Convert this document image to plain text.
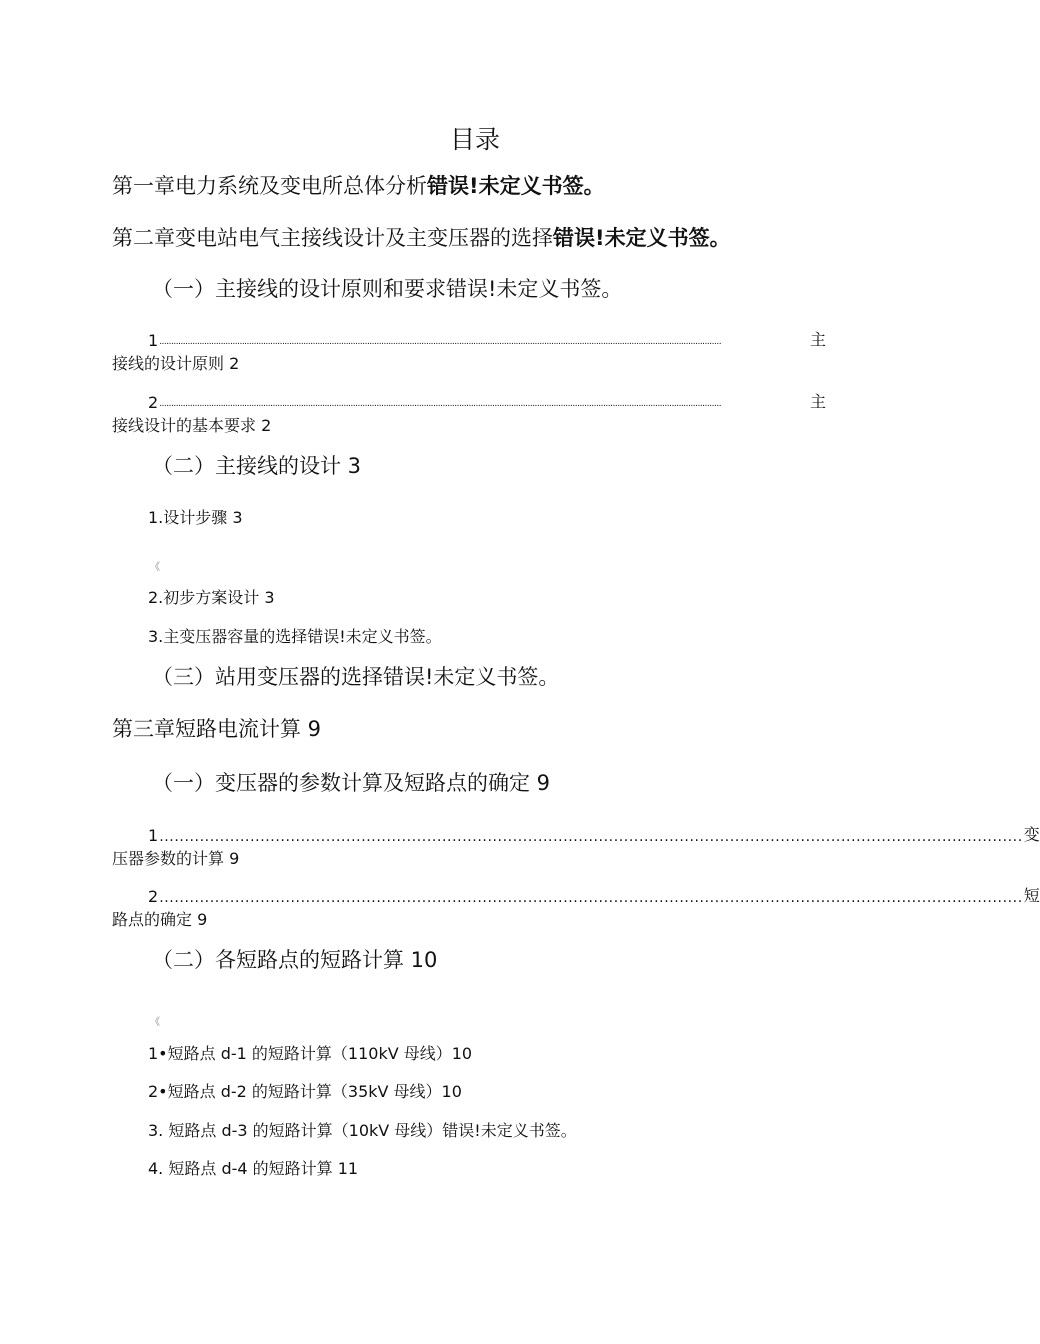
目录
第一章电力系统及变电所总体分析错误!未定义书签。
第二章变电站电气主接线设计及主变压器的选择错误!未定义书签。
（一）主接线的设计原则和要求错误!未定义书签。
1 ..............................................................................................................................................................................................................................................	主
接线的设计原则 2
2 ..............................................................................................................................................................................................................................................	主
接线设计的基本要求 2
（二）主接线的设计 3
1.设计步骤 3
《
2.初步方案设计 3
3.主变压器容量的选择错误!未定义书签。
（三）站用变压器的选择错误!未定义书签。
第三章短路电流计算 9
（一）变压器的参数计算及短路点的确定 9
1 ........................................................................................................................................................................... 变
压器参数的计算 9
2 ........................................................................................................................................................................... 短
路点的确定 9
（二）各短路点的短路计算 10
《
1•短路点 d-1 的短路计算（110kV 母线）10
2•短路点 d-2 的短路计算（35kV 母线）10
3. 短路点 d-3 的短路计算（10kV 母线）错误!未定义书签。
4. 短路点 d-4 的短路计算 11
